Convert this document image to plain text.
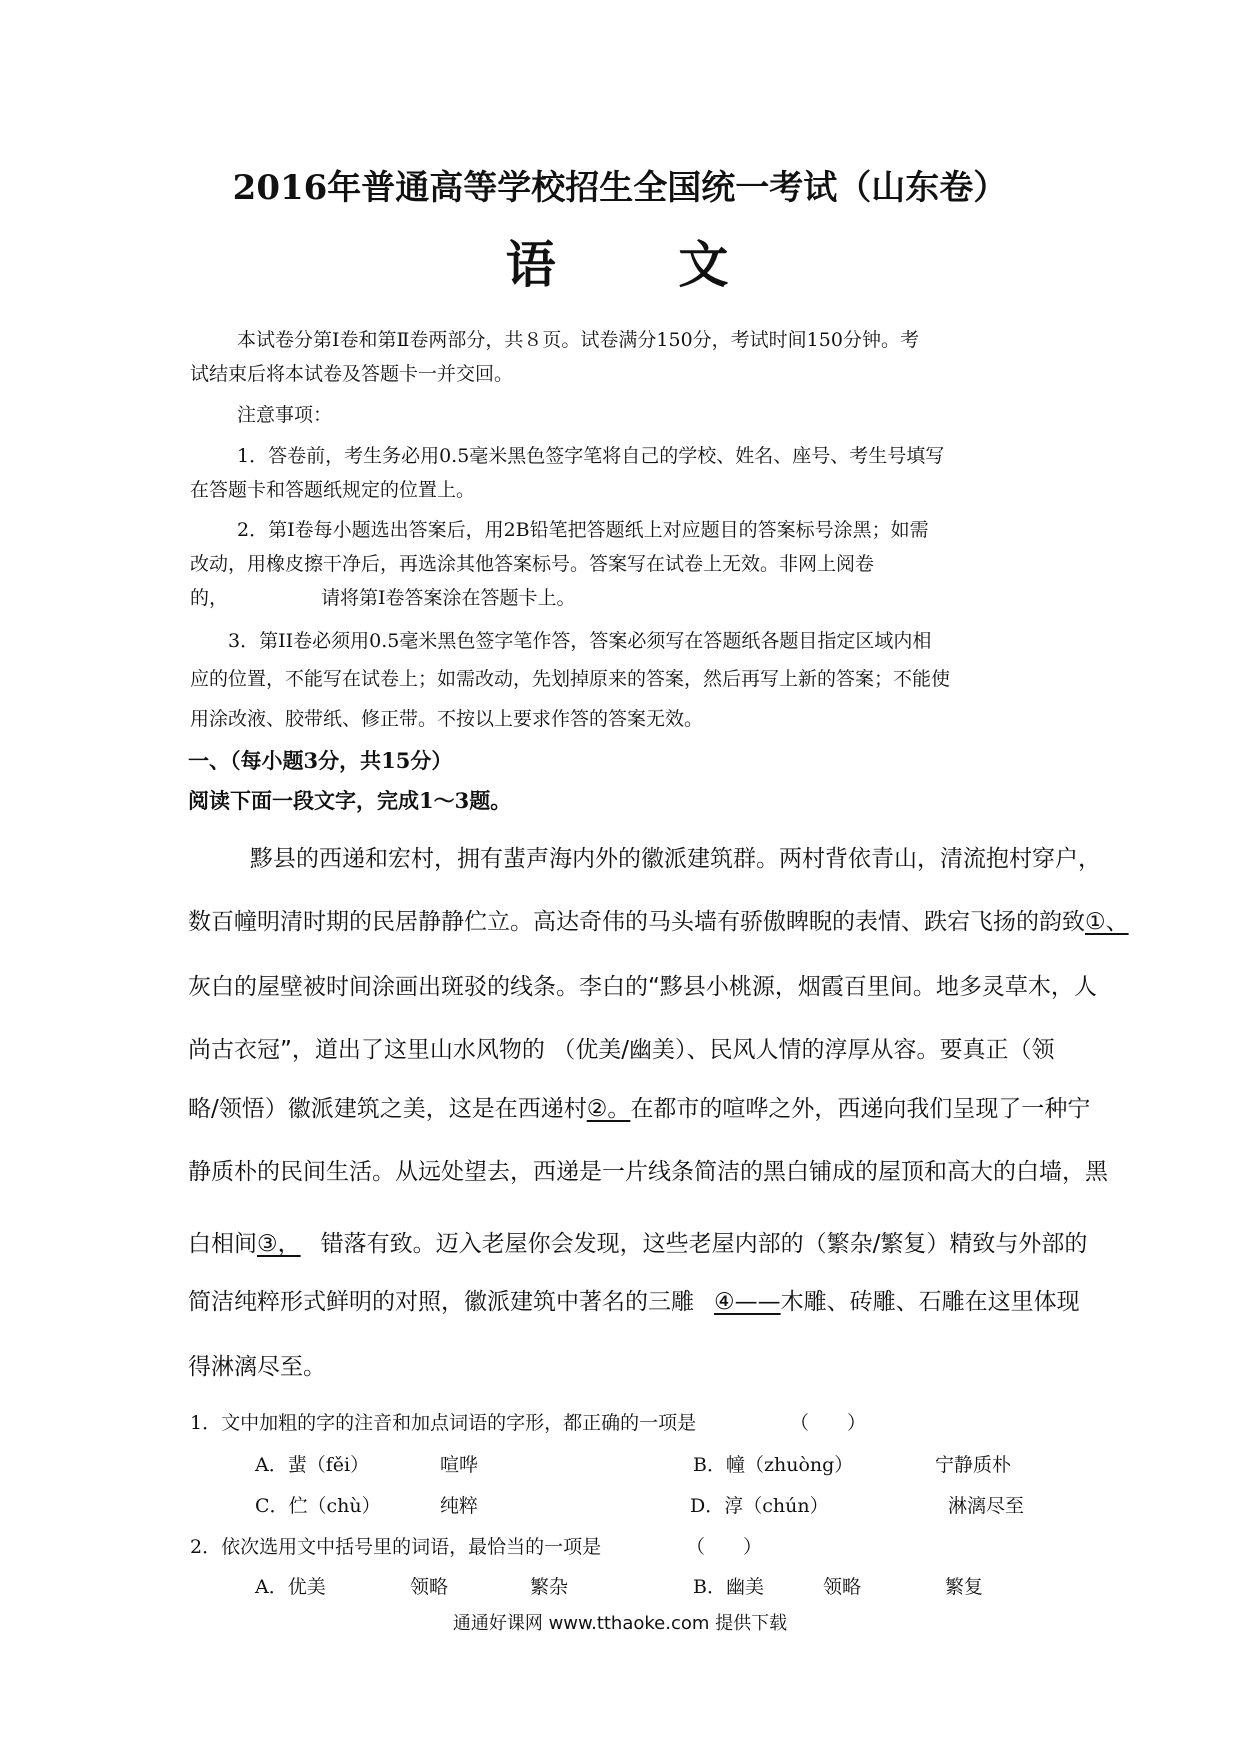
2016年普通高等学校招生全国统一考试（山东卷）
语 文
本试卷分第Ⅰ卷和第Ⅱ卷两部分，共８页。试卷满分150分，考试时间150分钟。考
试结束后将本试卷及答题卡一并交回。
注意事项：
1．答卷前，考生务必用0.5毫米黑色签字笔将自己的学校、姓名、座号、考生号填写
在答题卡和答题纸规定的位置上。
2．第Ⅰ卷每小题选出答案后，用2B铅笔把答题纸上对应题目的答案标号涂黑；如需
改动，用橡皮擦干净后，再选涂其他答案标号。答案写在试卷上无效。非网上阅卷
的，	请将第Ⅰ卷答案涂在答题卡上。
3．第II卷必须用0.5毫米黑色签字笔作答，答案必须写在答题纸各题目指定区域内相
应的位置，不能写在试卷上；如需改动，先划掉原来的答案，然后再写上新的答案；不能使
用涂改液、胶带纸、修正带。不按以上要求作答的答案无效。
一、（每小题3分，共15分）
阅读下面一段文字，完成1～3题。
黟县的西递和宏村，拥有蜚声海内外的徽派建筑群。两村背依青山，清流抱村穿户，
数百幢明清时期的民居静静伫立。高达奇伟的马头墙有骄傲睥睨的表情、跌宕飞扬的韵致①、
灰白的屋壁被时间涂画出斑驳的线条。李白的“黟县小桃源，烟霞百里间。地多灵草木，人
尚古衣冠”，道出了这里山水风物的 （优美/幽美）、民风人情的淳厚从容。要真正（领
略/领悟）徽派建筑之美，这是在西递村②。在都市的喧哗之外，西递向我们呈现了一种宁
静质朴的民间生活。从远处望去，西递是一片线条简洁的黑白铺成的屋顶和高大的白墙，黑
白相间③， 错落有致。迈入老屋你会发现，这些老屋内部的（繁杂/繁复）精致与外部的
简洁纯粹形式鲜明的对照，徽派建筑中著名的三雕 ④——木雕、砖雕、石雕在这里体现
得淋漓尽至。
1．文中加粗的字的注音和加点词语的字形，都正确的一项是	（　　）
A．蜚（fěi）	喧哗	B．幢（zhuòng）	宁静质朴
C．伫（chù）	纯粹	D．淳（chún）	淋漓尽至
2．依次选用文中括号里的词语，最恰当的一项是	（　　）
A．优美	领略	繁杂	B．幽美	领略	繁复
通通好课网 www.tthaoke.com 提供下载
